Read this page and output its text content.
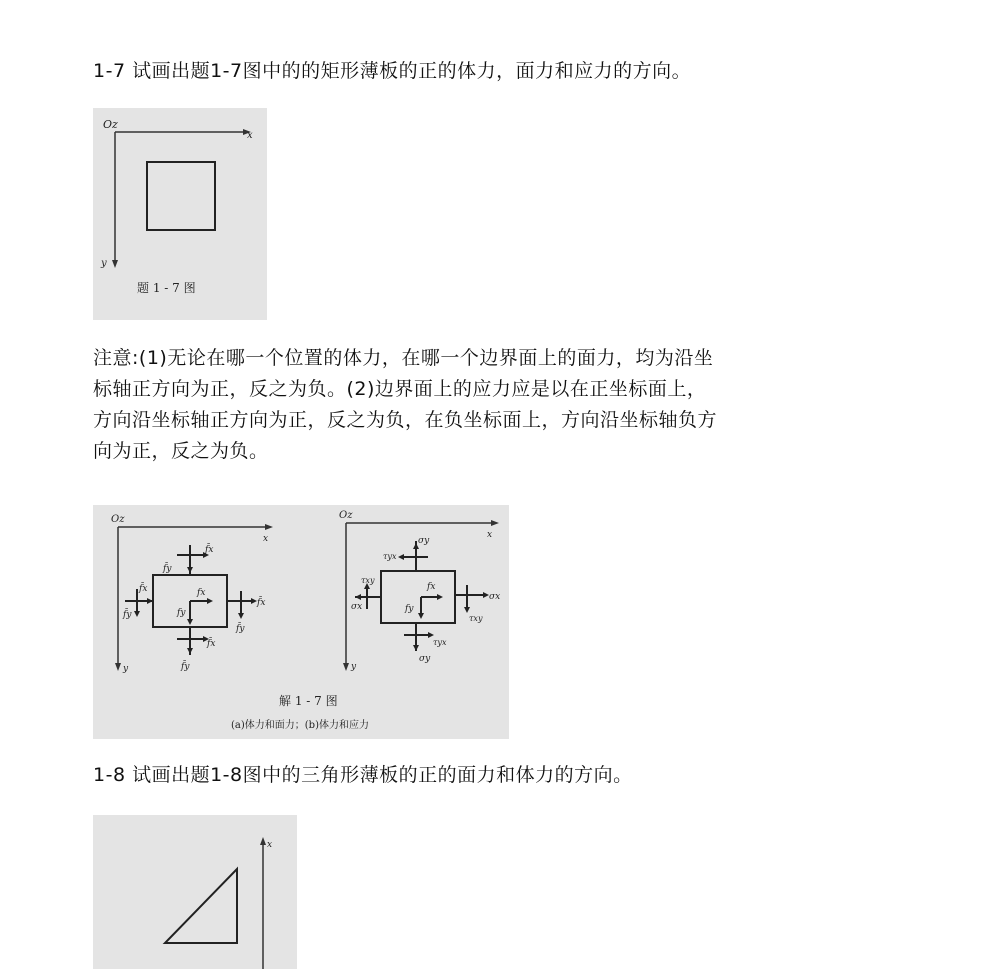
1-7 试画出题1-7图中的的矩形薄板的正的体力，面力和应力的方向。

Oz
x
y
题 1 - 7 图
注意:(1)无论在哪一个位置的体力，在哪一个边界面上的面力，均为沿坐
标轴正方向为正，反之为负。(2)边界面上的应力应是以在正坐标面上，
方向沿坐标轴正方向为正，反之为负，在负坐标面上，方向沿坐标轴负方
向为正，反之为负。
Oz
x
y
f̄x
f̄y
f̄x
f̄y
f̄x
f̄y
f̄x
f̄y
fx
fy
Oz
x
y
σy
τyx
σy
τyx
σx
τxy
σx
τxy
fx
fy
解 1 - 7 图
(a)体力和面力；(b)体力和应力

1-8 试画出题1-8图中的三角形薄板的正的面力和体力的方向。

x
